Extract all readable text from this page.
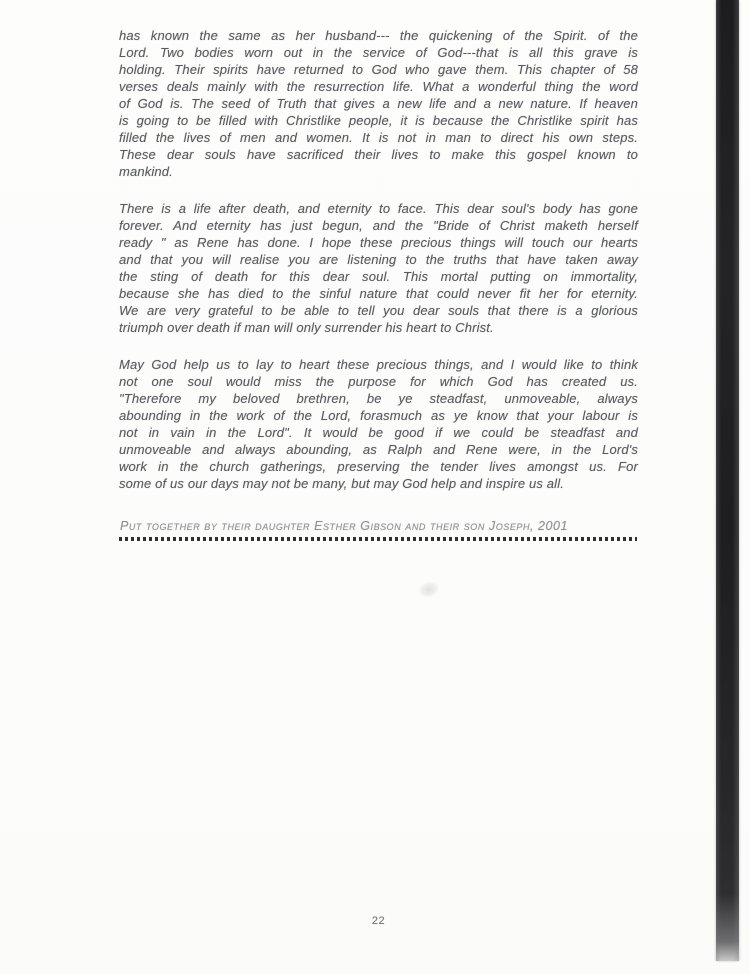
has known the same as her husband--- the quickening of the Spirit. of the
Lord. Two bodies worn out in the service of God---that is all this grave is
holding. Their spirits have returned to God who gave them. This chapter of 58
verses deals mainly with the resurrection life. What a wonderful thing the word
of God is. The seed of Truth that gives a new life and a new nature. If heaven
is going to be filled with Christlike people, it is because the Christlike spirit has
filled the lives of men and women. It is not in man to direct his own steps.
These dear souls have sacrificed their lives to make this gospel known to
mankind.
There is a life after death, and eternity to face. This dear soul's body has gone
forever. And eternity has just begun, and the "Bride of Christ maketh herself
ready " as Rene has done. I hope these precious things will touch our hearts
and that you will realise you are listening to the truths that have taken away
the sting of death for this dear soul. This mortal putting on immortality,
because she has died to the sinful nature that could never fit her for eternity.
We are very grateful to be able to tell you dear souls that there is a glorious
triumph over death if man will only surrender his heart to Christ.
May God help us to lay to heart these precious things, and I would like to think
not one soul would miss the purpose for which God has created us.
"Therefore my beloved brethren, be ye steadfast, unmoveable, always
abounding in the work of the Lord, forasmuch as ye know that your labour is
not in vain in the Lord". It would be good if we could be steadfast and
unmoveable and always abounding, as Ralph and Rene were, in the Lord's
work in the church gatherings, preserving the tender lives amongst us. For
some of us our days may not be many, but may God help and inspire us all.
Put together by their daughter Esther Gibson and their son Joseph, 2001
22
